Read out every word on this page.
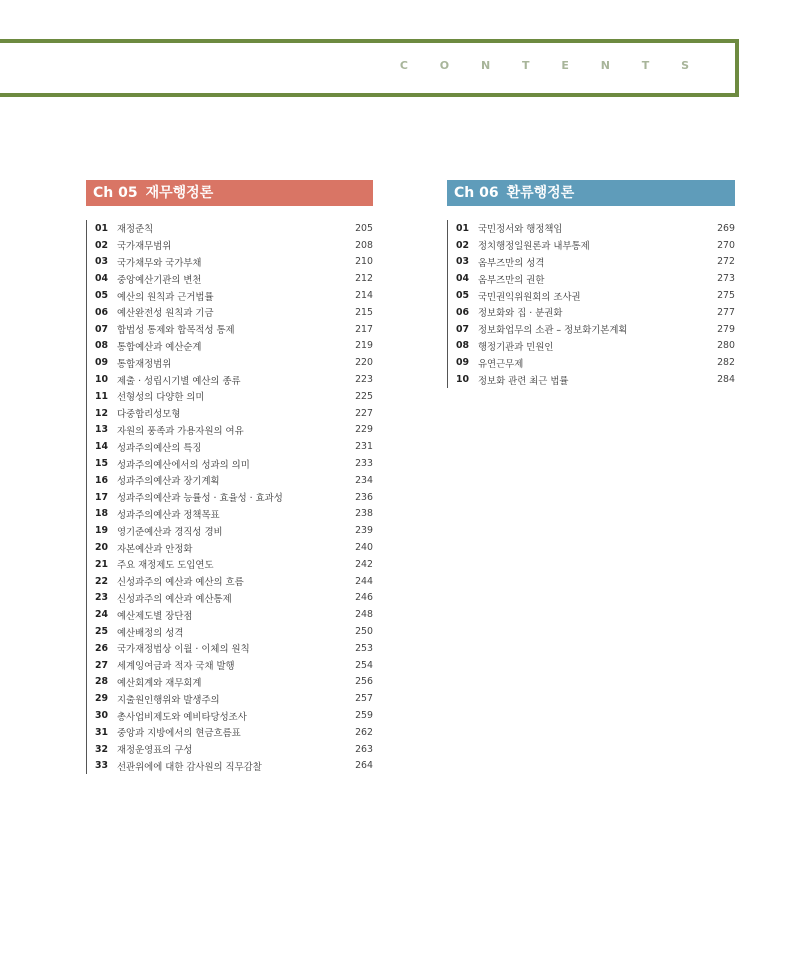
C O N T E N T S
Ch 05 재무행정론
01 재정준칙	205
02 국가재무범위	208
03 국가채무와 국가부채	210
04 중앙예산기관의 변천	212
05 예산의 원칙과 근거법률	214
06 예산완전성 원칙과 기금	215
07 합법성 통제와 합목적성 통제	217
08 통합예산과 예산순계	219
09 통합재정범위	220
10 제출 · 성립시기별 예산의 종류	223
11 선형성의 다양한 의미	225
12 다중합리성모형	227
13 자원의 풍족과 가용자원의 여유	229
14 성과주의예산의 특징	231
15 성과주의예산에서의 성과의 의미	233
16 성과주의예산과 장기계획	234
17 성과주의예산과 능률성 · 효율성 · 효과성	236
18 성과주의예산과 정책목표	238
19 영기준예산과 경직성 경비	239
20 자본예산과 안정화	240
21 주요 재정제도 도입연도	242
22 신성과주의 예산과 예산의 흐름	244
23 신성과주의 예산과 예산통제	246
24 예산제도별 장단점	248
25 예산배정의 성격	250
26 국가재정법상 이월 · 이체의 원칙	253
27 세계잉여금과 적자 국채 발행	254
28 예산회계와 재무회계	256
29 지출원인행위와 발생주의	257
30 총사업비제도와 예비타당성조사	259
31 중앙과 지방에서의 현금흐름표	262
32 재정운영표의 구성	263
33 선관위에에 대한 감사원의 직무감찰	264
Ch 06 환류행정론
01 국민정서와 행정책임	269
02 정치행정일원론과 내부통제	270
03 옴부즈만의 성격	272
04 옴부즈만의 권한	273
05 국민권익위원회의 조사권	275
06 정보화와 집 · 분권화	277
07 정보화업무의 소관 – 정보화기본계획	279
08 행정기관과 민원인	280
09 유연근무제	282
10 정보화 관련 최근 법률	284
